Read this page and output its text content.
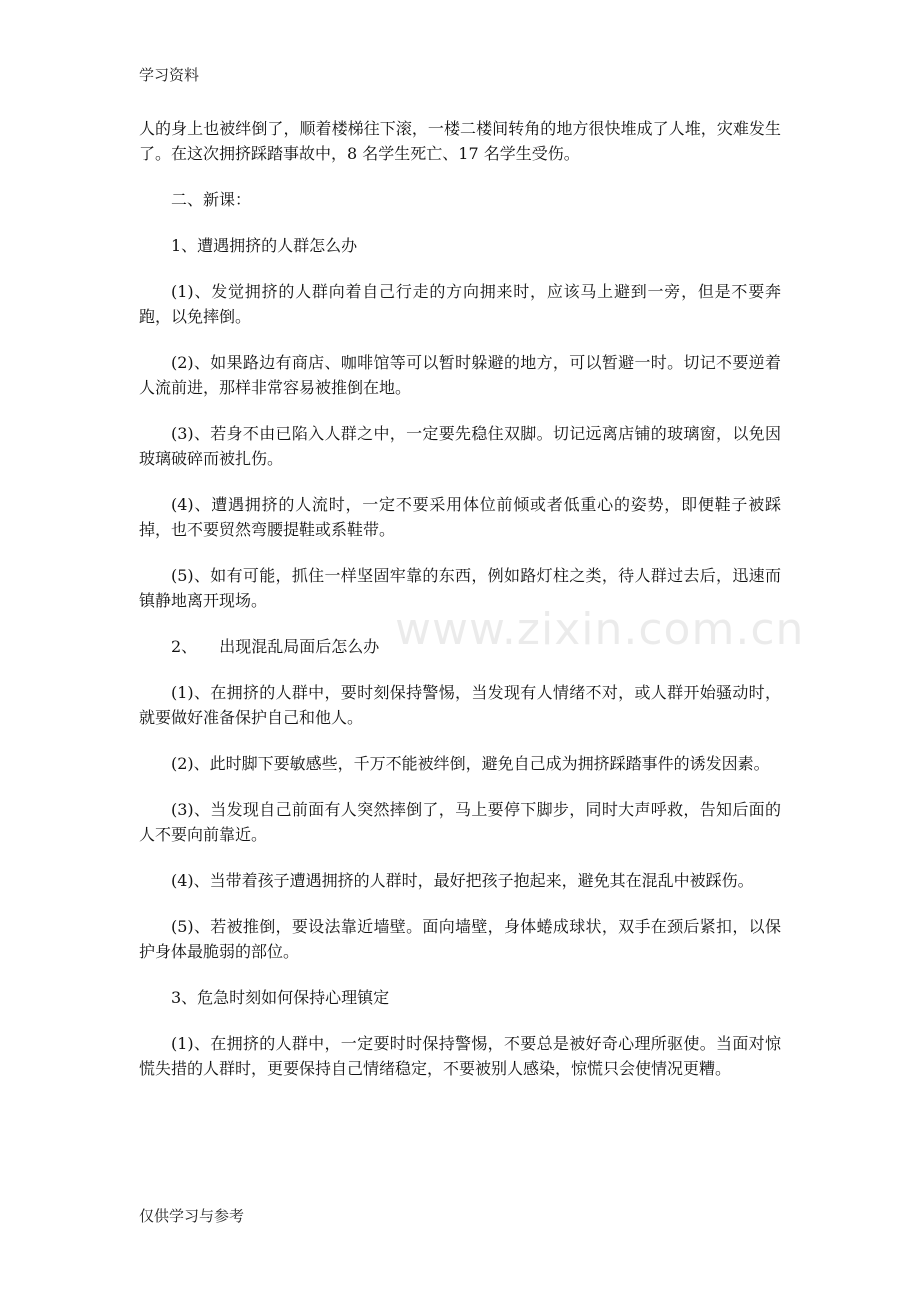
学习资料
www.zixin.com.cn

人的身上也被绊倒了，顺着楼梯往下滚，一楼二楼间转角的地方很快堆成了人堆，灾难发生了。在这次拥挤踩踏事故中，8 名学生死亡、17 名学生受伤。

二、新课：

1、遭遇拥挤的人群怎么办

(1)、发觉拥挤的人群向着自己行走的方向拥来时，应该马上避到一旁，但是不要奔跑，以免摔倒。

(2)、如果路边有商店、咖啡馆等可以暂时躲避的地方，可以暂避一时。切记不要逆着人流前进，那样非常容易被推倒在地。

(3)、若身不由已陷入人群之中，一定要先稳住双脚。切记远离店铺的玻璃窗，以免因玻璃破碎而被扎伤。

(4)、遭遇拥挤的人流时，一定不要采用体位前倾或者低重心的姿势，即便鞋子被踩掉，也不要贸然弯腰提鞋或系鞋带。

(5)、如有可能，抓住一样坚固牢靠的东西，例如路灯柱之类，待人群过去后，迅速而镇静地离开现场。

2、 出现混乱局面后怎么办

(1)、在拥挤的人群中，要时刻保持警惕，当发现有人情绪不对，或人群开始骚动时，就要做好准备保护自己和他人。

(2)、此时脚下要敏感些，千万不能被绊倒，避免自己成为拥挤踩踏事件的诱发因素。

(3)、当发现自己前面有人突然摔倒了，马上要停下脚步，同时大声呼救，告知后面的人不要向前靠近。

(4)、当带着孩子遭遇拥挤的人群时，最好把孩子抱起来，避免其在混乱中被踩伤。

(5)、若被推倒，要设法靠近墙壁。面向墙壁，身体蜷成球状，双手在颈后紧扣，以保护身体最脆弱的部位。

3、危急时刻如何保持心理镇定

(1)、在拥挤的人群中，一定要时时保持警惕，不要总是被好奇心理所驱使。当面对惊慌失措的人群时，更要保持自己情绪稳定，不要被别人感染，惊慌只会使情况更糟。

仅供学习与参考
